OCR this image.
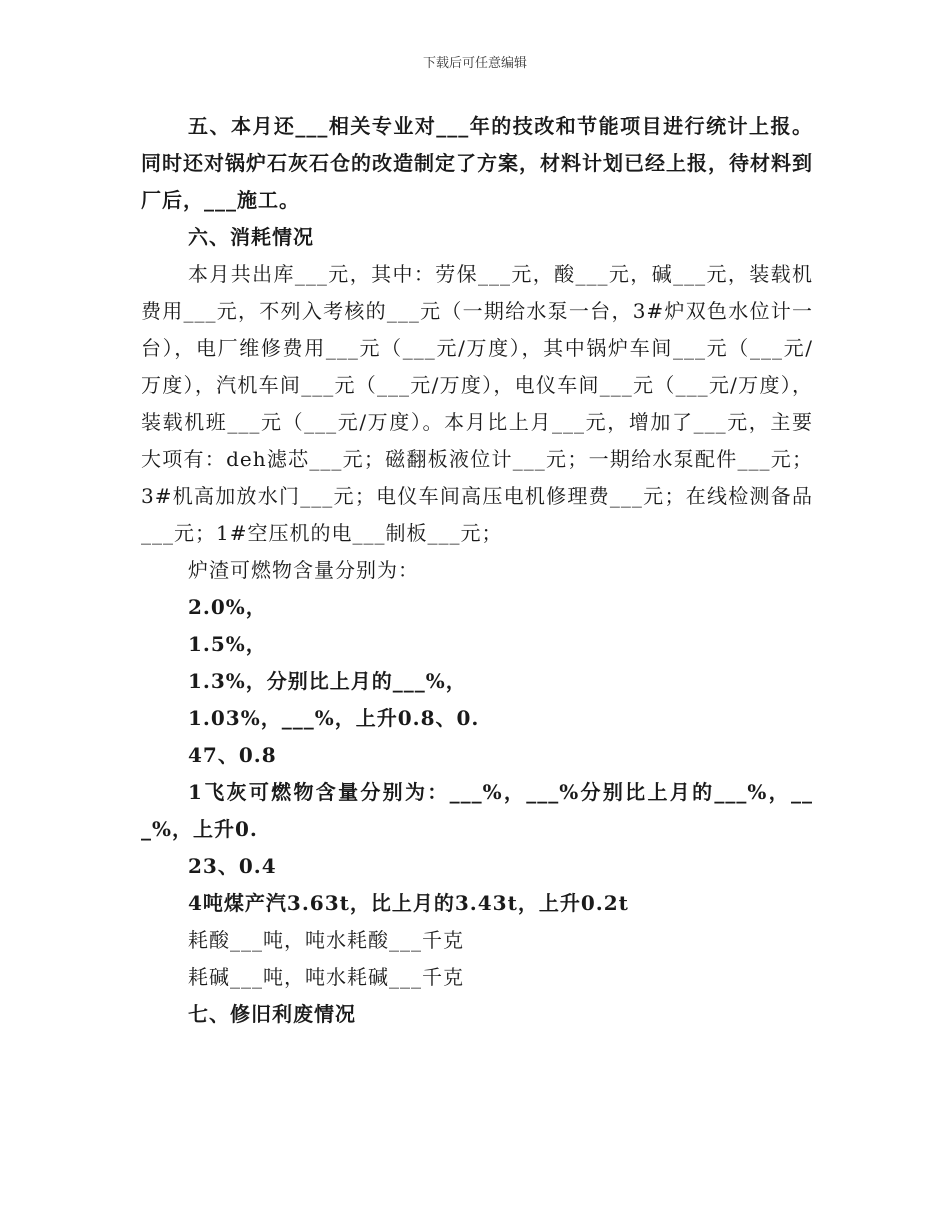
下载后可任意编辑

五、本月还___相关专业对___年的技改和节能项目进行统计上报。同时还对锅炉石灰石仓的改造制定了方案，材料计划已经上报，待材料到厂后，___施工。

六、消耗情况

本月共出库___元，其中：劳保___元，酸___元，碱___元，装载机费用___元，不列入考核的___元（一期给水泵一台，3#炉双色水位计一台），电厂维修费用___元（___元/万度），其中锅炉车间___元（___元/万度），汽机车间___元（___元/万度），电仪车间___元（___元/万度），装载机班___元（___元/万度）。本月比上月___元，增加了___元，主要大项有：deh滤芯___元；磁翻板液位计___元；一期给水泵配件___元；3#机高加放水门___元；电仪车间高压电机修理费___元；在线检测备品___元；1#空压机的电___制板___元；

炉渣可燃物含量分别为：

2.0%，

1.5%，

1.3%，分别比上月的___%，

1.03%，___%，上升0.8、0.

47、0.8

1飞灰可燃物含量分别为：___%，___%分别比上月的___%，___%，上升0.

23、0.4

4吨煤产汽3.63t，比上月的3.43t，上升0.2t

耗酸___吨，吨水耗酸___千克

耗碱___吨，吨水耗碱___千克

七、修旧利废情况
